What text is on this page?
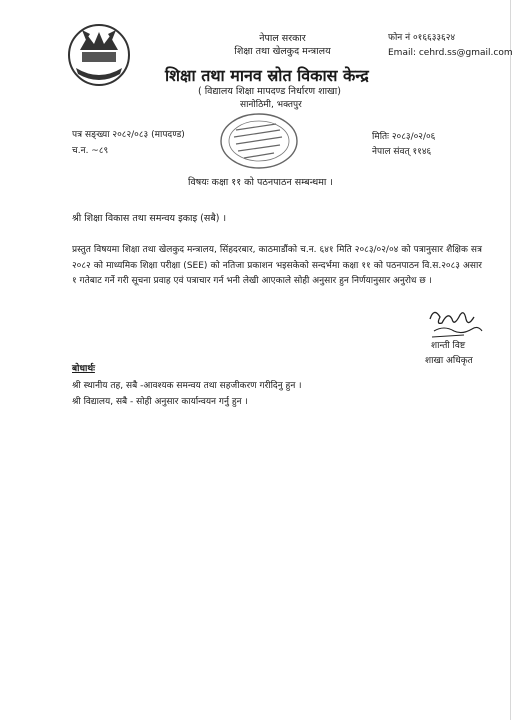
नेपाल सरकार
शिक्षा तथा खेलकुद मन्त्रालय
फोन नं ०१६६३३६२४
Email: cehrd.ss@gmail.com
शिक्षा तथा मानव स्रोत विकास केन्द्र
( विद्यालय शिक्षा मापदण्ड निर्धारण शाखा)
सानोठिमी, भक्तपुर
पत्र सङ्ख्या २०८२/०८३ (मापदण्ड)
च.न. ~८९
मितिः २०८३/०२/०६
नेपाल संवत् ११४६
विषयः कक्षा ११ को पठनपाठन सम्बन्धमा ।
श्री शिक्षा विकास तथा समन्वय इकाइ (सबै) ।
प्रस्तुत विषयमा शिक्षा तथा खेलकुद मन्त्रालय, सिंहदरबार, काठमाडौंको च.न. ६४१ मिति २०८३/०२/०४ को पत्रानुसार शैक्षिक सत्र २०८२ को माध्यमिक शिक्षा परीक्षा (SEE) को नतिजा प्रकाशन भइसकेको सन्दर्भमा कक्षा ११ को पठनपाठन वि.स.२०८३ असार १ गतेबाट गर्ने गरी सूचना प्रवाह एवं पत्राचार गर्न भनी लेखी आएकाले सोही अनुसार हुन निर्णयानुसार अनुरोध छ ।
शान्ती विष्ट
शाखा अधिकृत
बोधार्थः
श्री स्थानीय तह, सबै -आवश्यक समन्वय तथा सहजीकरण गरीदिनु हुन ।
श्री विद्यालय, सबै - सोही अनुसार कार्यान्वयन गर्नु हुन ।
